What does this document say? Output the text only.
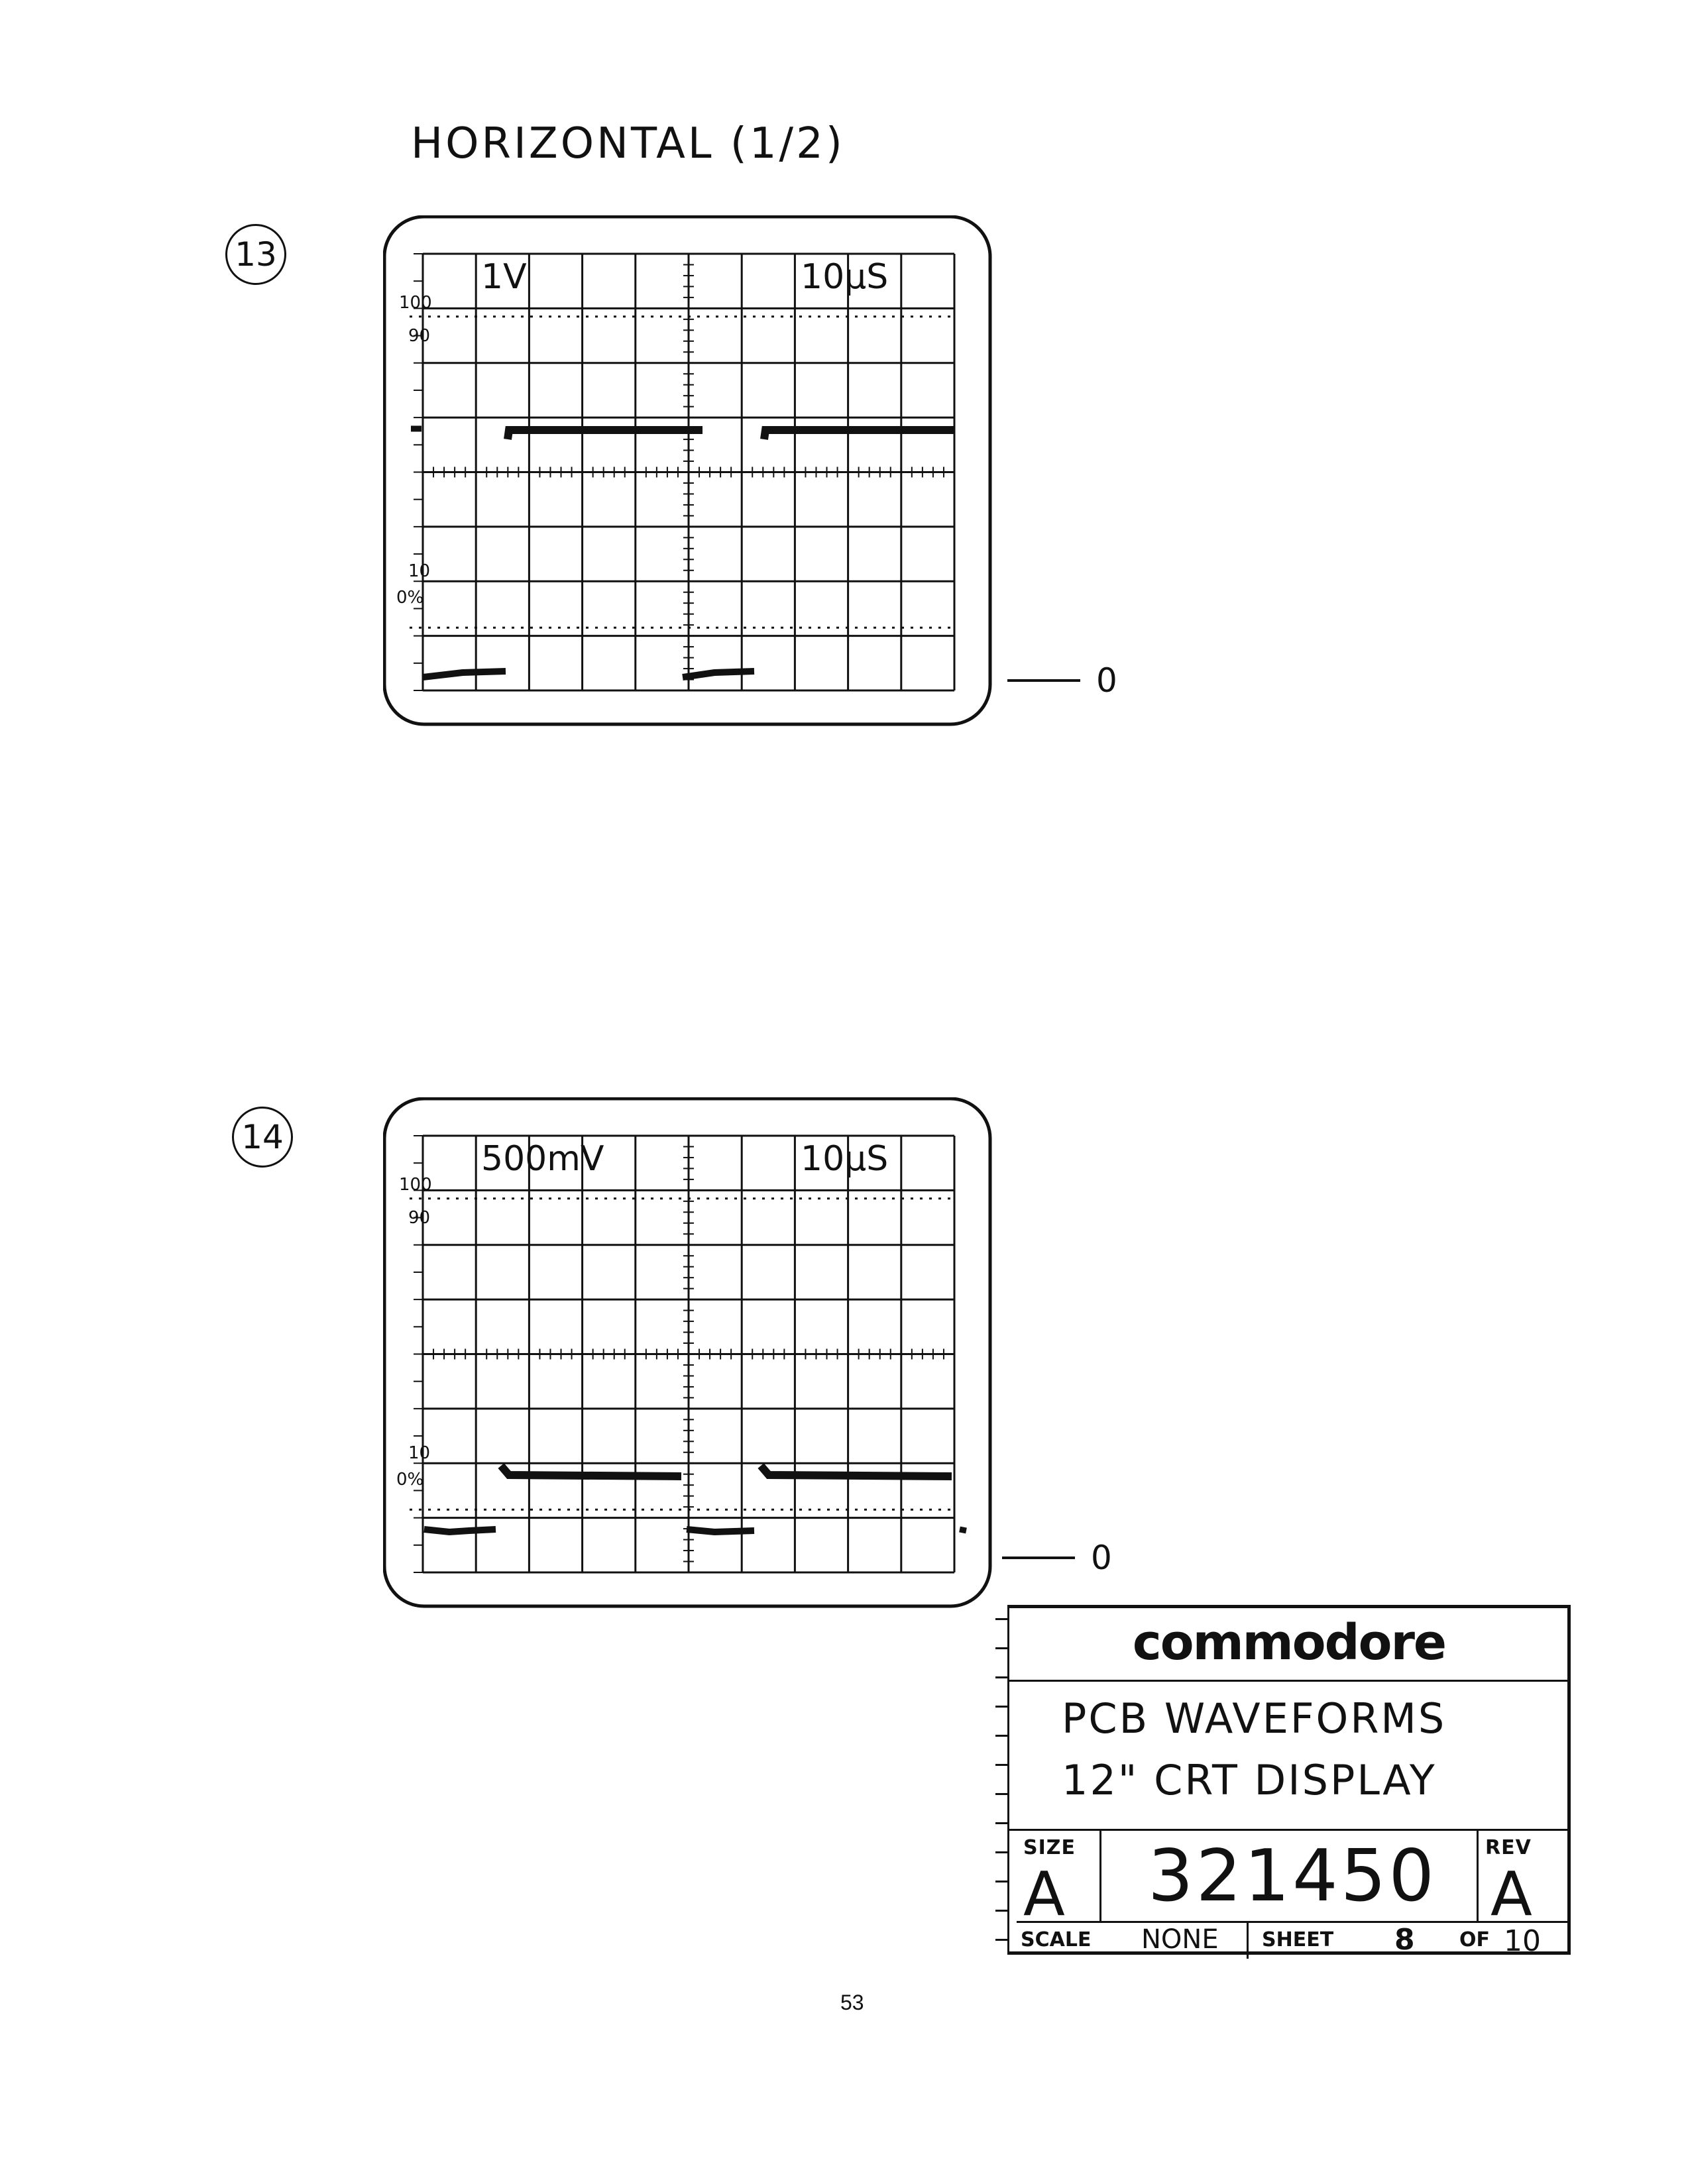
HORIZONTAL (1/2)
13
1V	10µS
100
90
10
0%
0
14
500mV	10µS
100
90
10
0%
0
commodore
PCB WAVEFORMS
12" CRT DISPLAY
SIZE
A	321450	REV
A
SCALE NONE SHEET 8 OF 10
53
